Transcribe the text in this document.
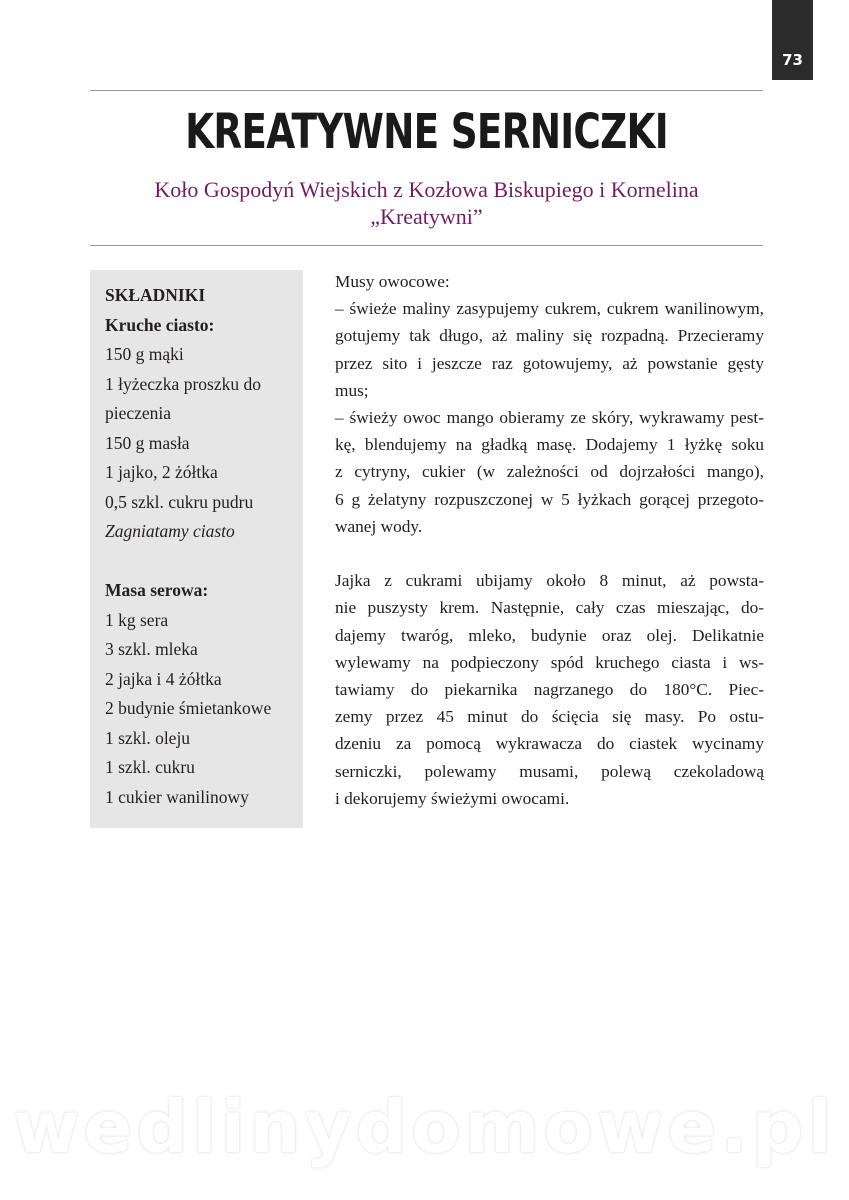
73
KREATYWNE SERNICZKI
Koło Gospodyń Wiejskich z Kozłowa Biskupiego i Kornelina
„Kreatywni”
SKŁADNIKI
Kruche ciasto:
150 g mąki
1 łyżeczka proszku do
pieczenia
150 g masła
1 jajko, 2 żółtka
0,5 szkl. cukru pudru
Zagniatamy ciasto
Masa serowa:
1 kg sera
3 szkl. mleka
2 jajka i 4 żółtka
2 budynie śmietankowe
1 szkl. oleju
1 szkl. cukru
1 cukier wanilinowy

Musy owocowe:
– świeże maliny zasypujemy cukrem, cukrem wanilinowym,
gotujemy tak długo, aż maliny się rozpadną. Przecieramy
przez sito i jeszcze raz gotowujemy, aż powstanie gęsty
mus;
– świeży owoc mango obieramy ze skóry, wykrawamy pest-
kę, blendujemy na gładką masę. Dodajemy 1 łyżkę soku
z cytryny, cukier (w zależności od dojrzałości mango),
6 g żelatyny rozpuszczonej w 5 łyżkach gorącej przegoto-
wanej wody.

Jajka z cukrami ubijamy około 8 minut, aż powsta-
nie puszysty krem. Następnie, cały czas mieszając, do-
dajemy twaróg, mleko, budynie oraz olej. Delikatnie
wylewamy na podpieczony spód kruchego ciasta i ws-
tawiamy do piekarnika nagrzanego do 180°C. Piec-
zemy przez 45 minut do ścięcia się masy. Po ostu-
dzeniu za pomocą wykrawacza do ciastek wycinamy
serniczki, polewamy musami, polewą czekoladową
i dekorujemy świeżymi owocami.

wedlinydomowe.pl
